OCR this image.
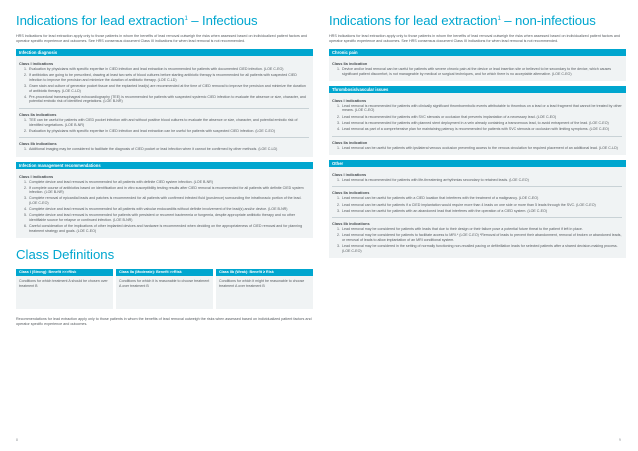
Indications for lead extraction$^1$ – Infectious

HRS indications for lead extraction apply only to those patients in whom the benefits of lead removal outweigh the risks when assessed based on individualized patient factors and operator specific experience and outcomes. See HRS consensus document Class III indications for when lead removal is not recommended.

Infection diagnosis
Class I indications
1. Evaluation by physicians with specific expertise in CIED infection and lead extraction is recommended for patients with documented CIED infection. (LOE C-EO)
2. If antibiotics are going to be prescribed, drawing at least two sets of blood cultures before starting antibiotic therapy is recommended for all patients with suspected CIED infection to improve the precision and minimize the duration of antibiotic therapy. (LOE C-LD)
3. Gram stain and culture of generator pocket tissue and the explanted lead(s) are recommended at the time of CIED removal to improve the precision and minimize the duration of antibiotic therapy. (LOE C-LD)
4. Pre-procedural transesophageal echocardiography (TEE) is recommended for patients with suspected systemic CIED infection to evaluate the absence or size, character, and potential embolic risk of identified vegetations. (LOE B-NR)
Class IIa indications
1. TEE can be useful for patients with CIED pocket infection with and without positive blood cultures to evaluate the absence or size, character, and potential embolic risk of identified vegetations. (LOE B-NR)
2. Evaluation by physicians with specific expertise in CIED infection and lead extraction can be useful for patients with suspected CIED infection. (LOE C-EO)
Class IIb indications
1. Additional imaging may be considered to facilitate the diagnosis of CIED pocket or lead infection when it cannot be confirmed by other methods. (LOE C-LD)
Infection management recommendations
Class I indications
1. Complete device and lead removal is recommended for all patients with definite CIED system infection. (LOE B-NR)
2. If complete course of antibiotics based on identification and in vitro susceptibility testing results after CIED removal is recommended for all patients with definite CIED system infection. (LOE B-NR)
3. Complete removal of epicardial leads and patches is recommended for all patients with confirmed infected fluid (purulence) surrounding the intrathoracic portion of the lead. (LOE C-EO)
4. Complete device and lead removal is recommended for all patients with valvular endocarditis without definite involvement of the lead(s) and/or device. (LOE B-NR)
5. Complete device and lead removal is recommended for patients with persistent or recurrent bacteremia or fungemia, despite appropriate antibiotic therapy and no other identifiable source for relapse or continued infection. (LOE B-NR)
6. Careful consideration of the implications of other implanted devices and hardware is recommended when deciding on the appropriateness of CIED removal and for planning treatment strategy and goals. (LOE C-EO)
Class Definitions
Class I (Strong): Benefit >>>Risk
Conditions for which treatment A should be chosen over treatment B
Class IIa (Moderate): Benefit >>Risk
Conditions for which it is reasonable to choose treatment A over treatment B
Class IIb (Weak): Benefit ≥ Risk
Conditions for which it might be reasonable to choose treatment A over treatment B

Recommendations for lead extraction apply only to those patients in whom the benefits of lead removal outweigh the risks when assessed based on individualized patient factors and operator specific experience and outcomes.

8
Indications for lead extraction$^1$ – non-infectious

HRS indications for lead extraction apply only to those patients in whom the benefits of lead removal outweigh the risks when assessed based on individualized patient factors and operator specific experience and outcomes. See HRS consensus document Class III indications for when lead removal is not recommended.

Chronic pain
Class IIa indication
1. Device and/or lead removal can be useful for patients with severe chronic pain at the device or lead insertion site or believed to be secondary to the device, which causes significant patient discomfort, is not manageable by medical or surgical techniques, and for which there is no acceptable alternative. (LOE C-EO)
Thrombosis/vascular issues
Class I indications
1. Lead removal is recommended for patients with clinically significant thromboembolic events attributable to thrombus on a lead or a lead fragment that cannot be treated by other means. (LOE C-EO)
2. Lead removal is recommended for patients with SVC stenosis or occlusion that prevents implantation of a necessary lead. (LOE C-EO)
3. Lead removal is recommended for patients with planned stent deployment in a vein already containing a transvenous lead, to avoid entrapment of the lead. (LOE C-EO)
4. Lead removal as part of a comprehensive plan for maintaining patency is recommended for patients with SVC stenosis or occlusion with limiting symptoms. (LOE C-EO)
Class IIa indication
1. Lead removal can be useful for patients with ipsilateral venous occlusion preventing access to the venous circulation for required placement of an additional lead. (LOE C-LD)
Other
Class I indications
1. Lead removal is recommended for patients with life-threatening arrhythmias secondary to retained leads. (LOE C-EO)
Class IIa indications
1. Lead removal can be useful for patients with a CIED location that interferes with the treatment of a malignancy. (LOE C-EO)
2. Lead removal can be useful for patients if a CIED implantation would require more than 4 leads on one side or more than 5 leads through the SVC. (LOE C-EO)
3. Lead removal can be useful for patients with an abandoned lead that interferes with the operation of a CIED system. (LOE C-EO)
Class IIb indications
1. Lead removal may be considered for patients with leads that due to their design or their failure pose a potential future threat to the patient if left in place.
2. Lead removal may be considered for patients to facilitate access to MRI.* (LOE C-EO) *Removal of leads to prevent their abandonment, removal of broken or abandoned leads, or removal of leads to allow implantation of an MRI conditional system.
3. Lead removal may be considered in the setting of normally functioning non-recalled pacing or defibrillation leads for selected patients after a shared decision-making process. (LOE C-EO)
9
